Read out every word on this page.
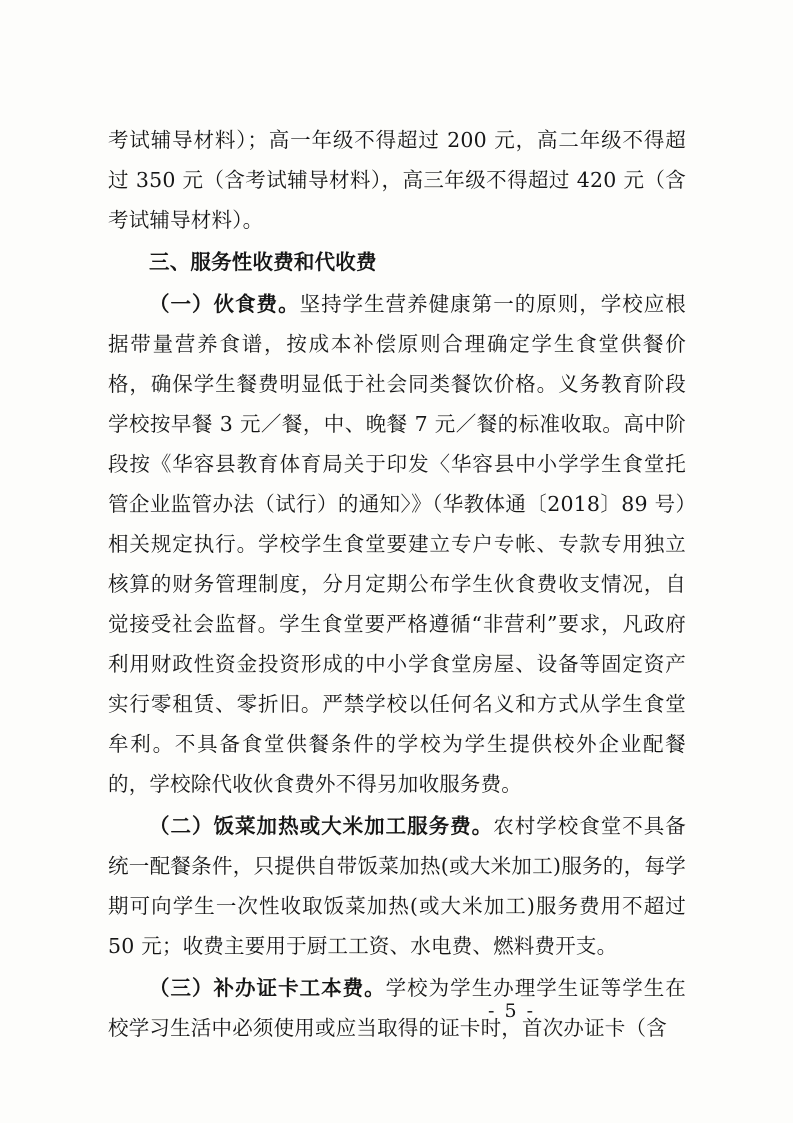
考试辅导材料）；高一年级不得超过 200 元，高二年级不得超过 350 元（含考试辅导材料），高三年级不得超过 420 元（含考试辅导材料）。

三、服务性收费和代收费

（一）伙食费。坚持学生营养健康第一的原则，学校应根据带量营养食谱，按成本补偿原则合理确定学生食堂供餐价格，确保学生餐费明显低于社会同类餐饮价格。义务教育阶段学校按早餐 3 元／餐，中、晚餐 7 元／餐的标准收取。高中阶段按《华容县教育体育局关于印发〈华容县中小学学生食堂托管企业监管办法（试行）的通知〉》（华教体通〔2018〕89 号）相关规定执行。学校学生食堂要建立专户专帐、专款专用独立核算的财务管理制度，分月定期公布学生伙食费收支情况，自觉接受社会监督。学生食堂要严格遵循“非营利”要求，凡政府利用财政性资金投资形成的中小学食堂房屋、设备等固定资产实行零租赁、零折旧。严禁学校以任何名义和方式从学生食堂牟利。不具备食堂供餐条件的学校为学生提供校外企业配餐的，学校除代收伙食费外不得另加收服务费。

（二）饭菜加热或大米加工服务费。农村学校食堂不具备统一配餐条件，只提供自带饭菜加热(或大米加工)服务的，每学期可向学生一次性收取饭菜加热(或大米加工)服务费用不超过 50 元；收费主要用于厨工工资、水电费、燃料费开支。

（三）补办证卡工本费。学校为学生办理学生证等学生在校学习生活中必须使用或应当取得的证卡时，首次办证卡（含

- 5 -
